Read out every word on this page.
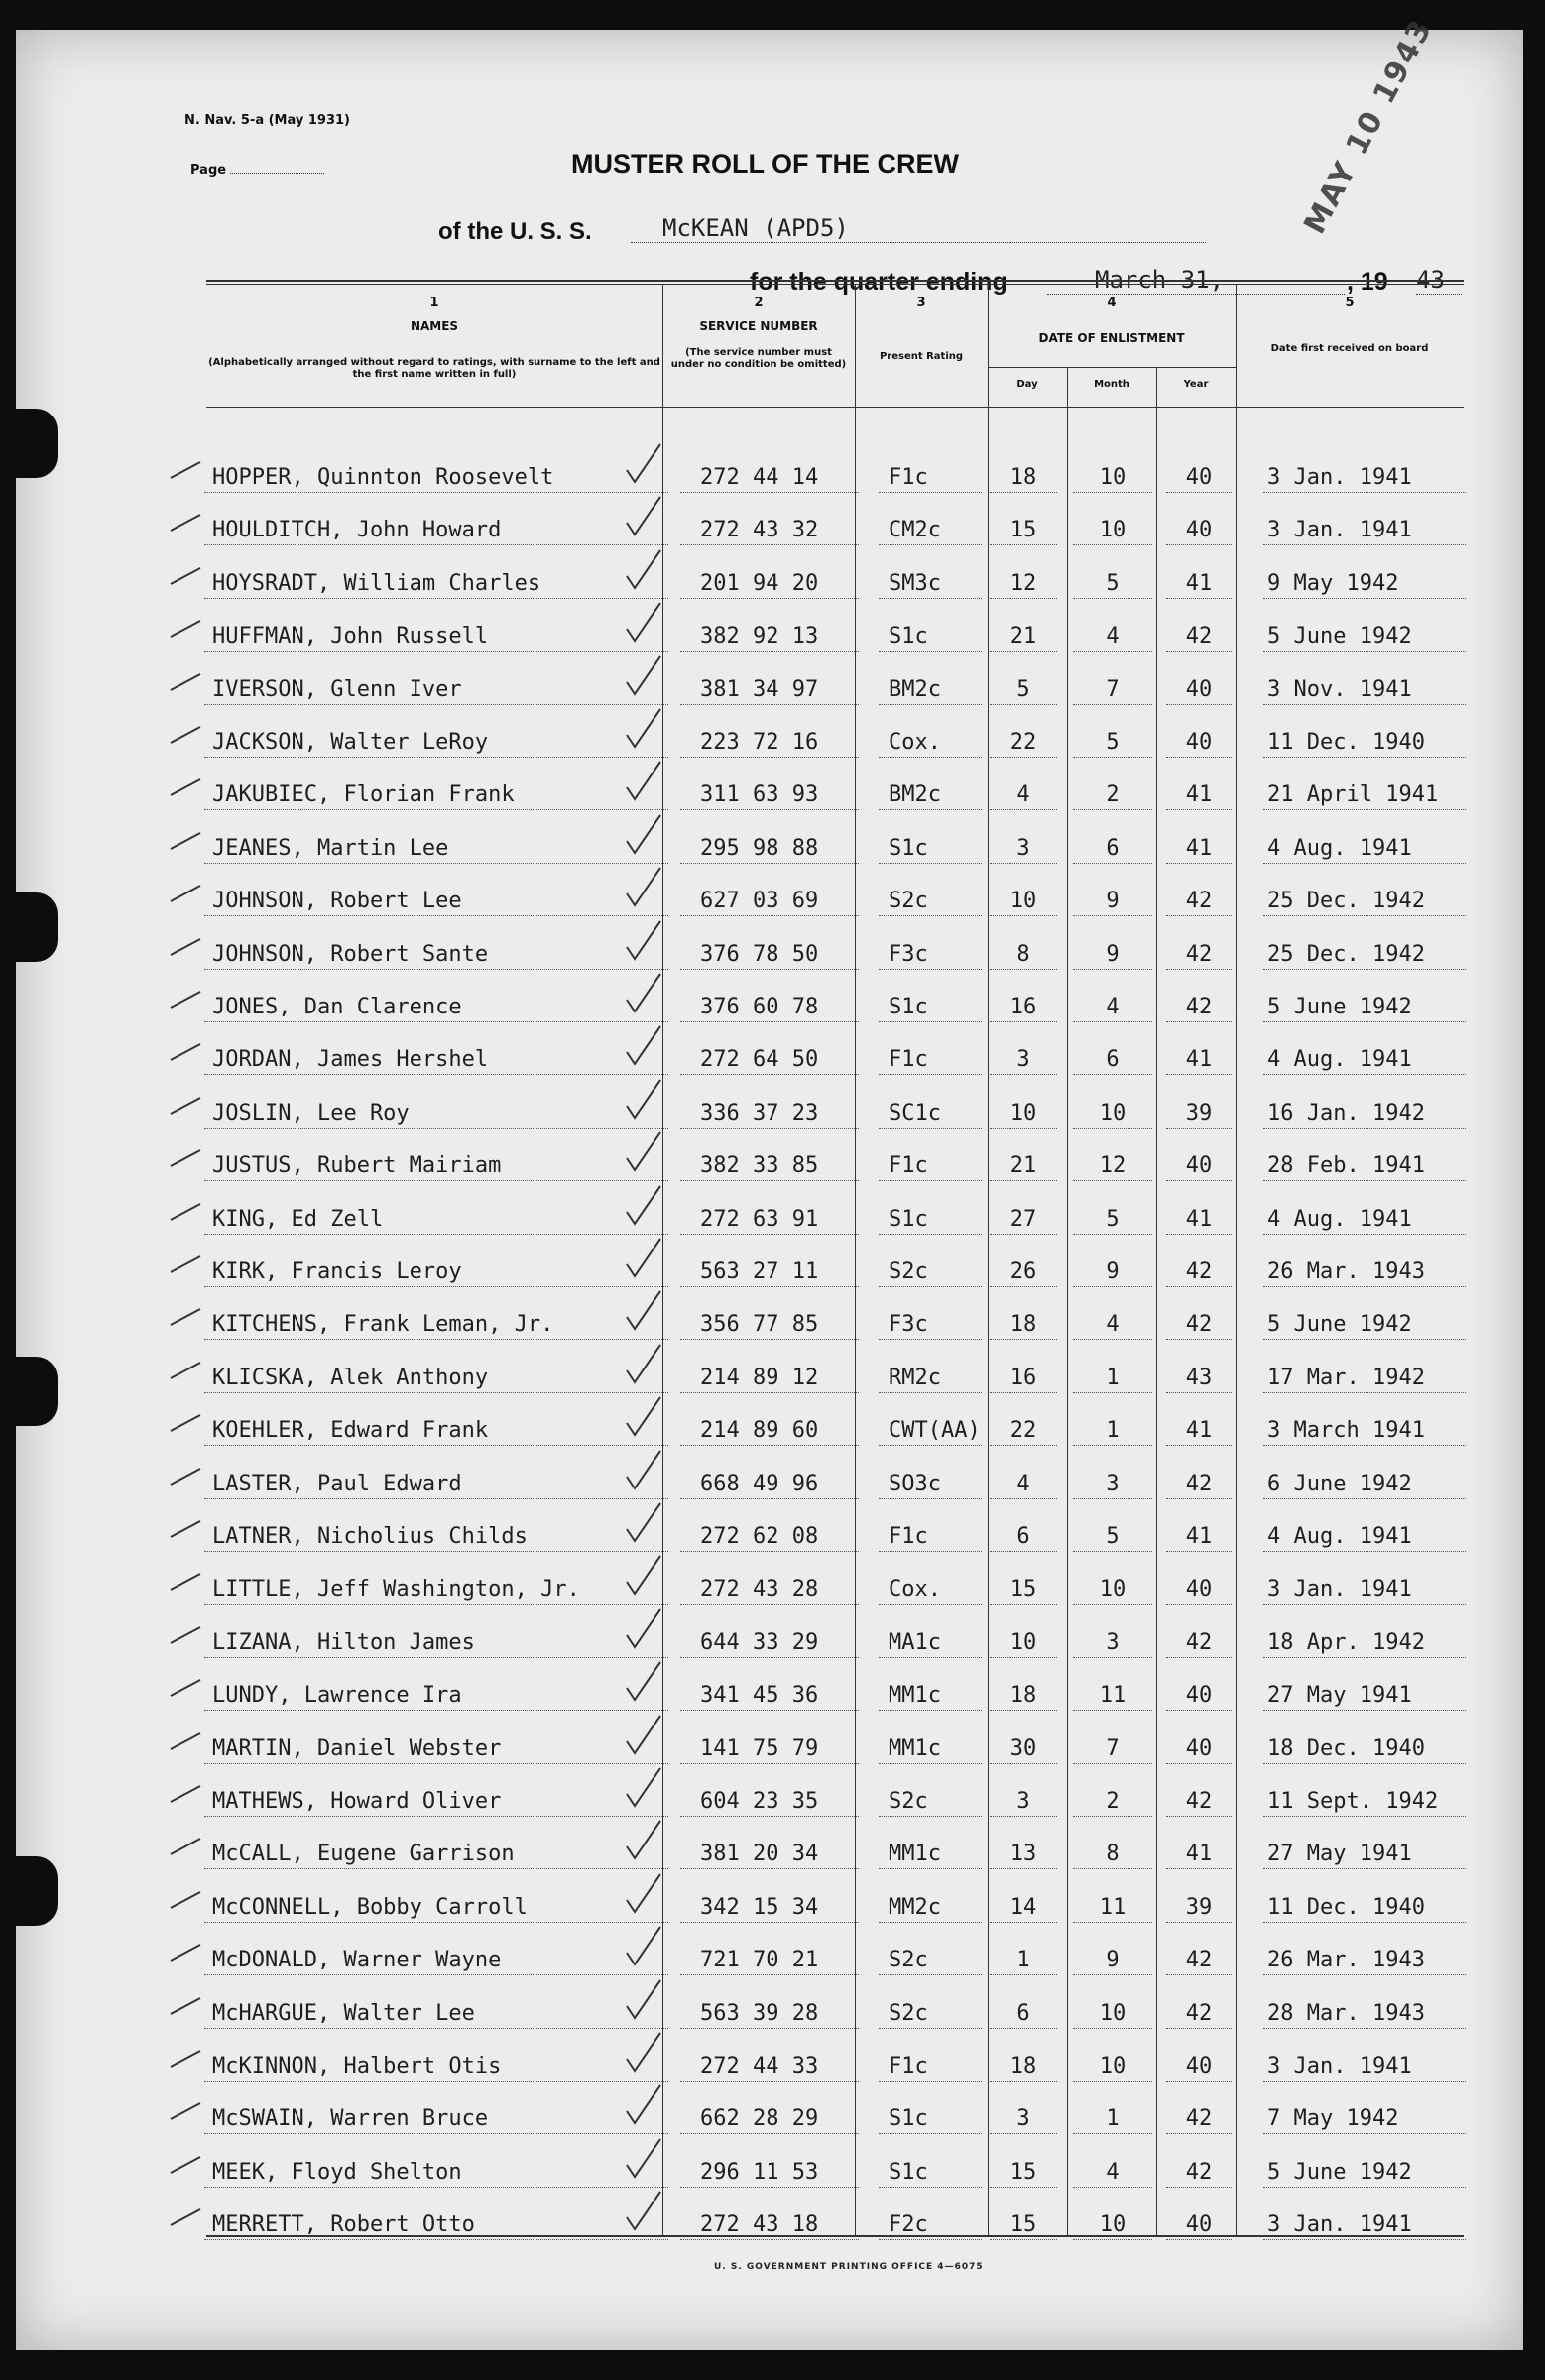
N. Nav. 5-a (May 1931)
Page	MUSTER ROLL OF THE CREW
of the U. S. S.	McKEAN (APD5)
for the quarter ending	March 31,	, 19 43
MAY 10 1943
1
NAMES
(Alphabetically arranged without regard to ratings, with surname to the left and the first name written in full)
2
SERVICE NUMBER
(The service number must under no condition be omitted)
3
Present Rating
4
DATE OF ENLISTMENT
Day	Month	Year
5
Date first received on board
HOPPER, Quinnton Roosevelt	272 44 14	F1c	18	10	40	3 Jan. 1941
HOULDITCH, John Howard	272 43 32	CM2c	15	10	40	3 Jan. 1941
HOYSRADT, William Charles	201 94 20	SM3c	12	5	41	9 May 1942
HUFFMAN, John Russell	382 92 13	S1c	21	4	42	5 June 1942
IVERSON, Glenn Iver	381 34 97	BM2c	5	7	40	3 Nov. 1941
JACKSON, Walter LeRoy	223 72 16	Cox.	22	5	40	11 Dec. 1940
JAKUBIEC, Florian Frank	311 63 93	BM2c	4	2	41	21 April 1941
JEANES, Martin Lee	295 98 88	S1c	3	6	41	4 Aug. 1941
JOHNSON, Robert Lee	627 03 69	S2c	10	9	42	25 Dec. 1942
JOHNSON, Robert Sante	376 78 50	F3c	8	9	42	25 Dec. 1942
JONES, Dan Clarence	376 60 78	S1c	16	4	42	5 June 1942
JORDAN, James Hershel	272 64 50	F1c	3	6	41	4 Aug. 1941
JOSLIN, Lee Roy	336 37 23	SC1c	10	10	39	16 Jan. 1942
JUSTUS, Rubert Mairiam	382 33 85	F1c	21	12	40	28 Feb. 1941
KING, Ed Zell	272 63 91	S1c	27	5	41	4 Aug. 1941
KIRK, Francis Leroy	563 27 11	S2c	26	9	42	26 Mar. 1943
KITCHENS, Frank Leman, Jr.	356 77 85	F3c	18	4	42	5 June 1942
KLICSKA, Alek Anthony	214 89 12	RM2c	16	1	43	17 Mar. 1942
KOEHLER, Edward Frank	214 89 60	CWT(AA)	22	1	41	3 March 1941
LASTER, Paul Edward	668 49 96	SO3c	4	3	42	6 June 1942
LATNER, Nicholius Childs	272 62 08	F1c	6	5	41	4 Aug. 1941
LITTLE, Jeff Washington, Jr.	272 43 28	Cox.	15	10	40	3 Jan. 1941
LIZANA, Hilton James	644 33 29	MA1c	10	3	42	18 Apr. 1942
LUNDY, Lawrence Ira	341 45 36	MM1c	18	11	40	27 May 1941
MARTIN, Daniel Webster	141 75 79	MM1c	30	7	40	18 Dec. 1940
MATHEWS, Howard Oliver	604 23 35	S2c	3	2	42	11 Sept. 1942
McCALL, Eugene Garrison	381 20 34	MM1c	13	8	41	27 May 1941
McCONNELL, Bobby Carroll	342 15 34	MM2c	14	11	39	11 Dec. 1940
McDONALD, Warner Wayne	721 70 21	S2c	1	9	42	26 Mar. 1943
McHARGUE, Walter Lee	563 39 28	S2c	6	10	42	28 Mar. 1943
McKINNON, Halbert Otis	272 44 33	F1c	18	10	40	3 Jan. 1941
McSWAIN, Warren Bruce	662 28 29	S1c	3	1	42	7 May 1942
MEEK, Floyd Shelton	296 11 53	S1c	15	4	42	5 June 1942
MERRETT, Robert Otto	272 43 18	F2c	15	10	40	3 Jan. 1941
U. S. GOVERNMENT PRINTING OFFICE 4—6075
